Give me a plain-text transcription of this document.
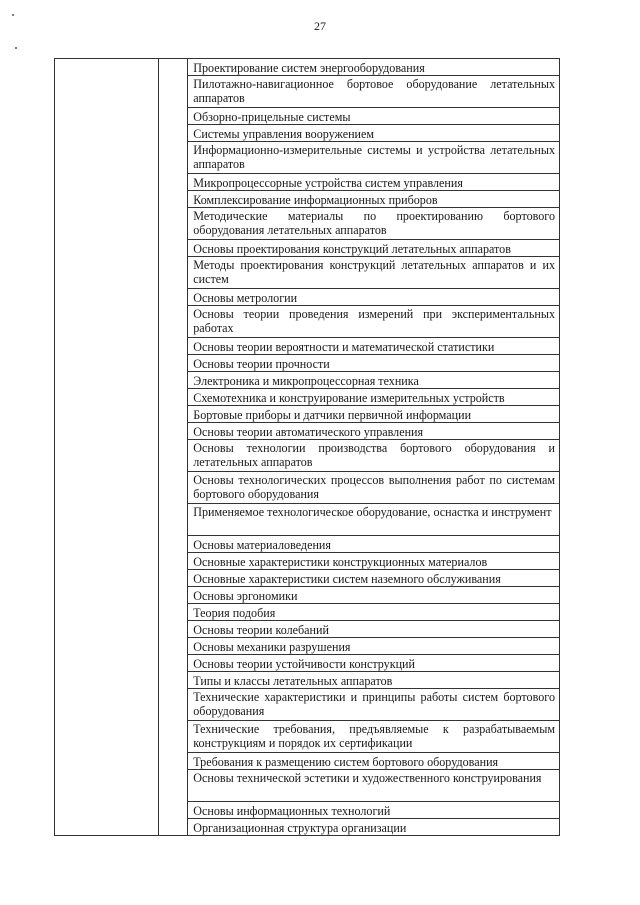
27

Проектирование систем энергооборудования

Пилотажно-навигационное бортовое оборудование летательных аппаратов

Обзорно-прицельные системы

Системы управления вооружением

Информационно-измерительные системы и устройства летательных аппаратов

Микропроцессорные устройства систем управления

Комплексирование информационных приборов

Методические материалы по проектированию бортового оборудования летательных аппаратов

Основы проектирования конструкций летательных аппаратов

Методы проектирования конструкций летательных аппаратов и их систем

Основы метрологии

Основы теории проведения измерений при экспериментальных работах

Основы теории вероятности и математической статистики

Основы теории прочности

Электроника и микропроцессорная техника

Схемотехника и конструирование измерительных устройств

Бортовые приборы и датчики первичной информации

Основы теории автоматического управления

Основы технологии производства бортового оборудования и летательных аппаратов

Основы технологических процессов выполнения работ по системам бортового оборудования

Применяемое технологическое оборудование, оснастка и инструмент

Основы материаловедения

Основные характеристики конструкционных материалов

Основные характеристики систем наземного обслуживания

Основы эргономики

Теория подобия

Основы теории колебаний

Основы механики разрушения

Основы теории устойчивости конструкций

Типы и классы летательных аппаратов

Технические характеристики и принципы работы систем бортового оборудования

Технические требования, предъявляемые к разрабатываемым конструкциям и порядок их сертификации

Требования к размещению систем бортового оборудования

Основы технической эстетики и художественного конструирования

Основы информационных технологий

Организационная структура организации
